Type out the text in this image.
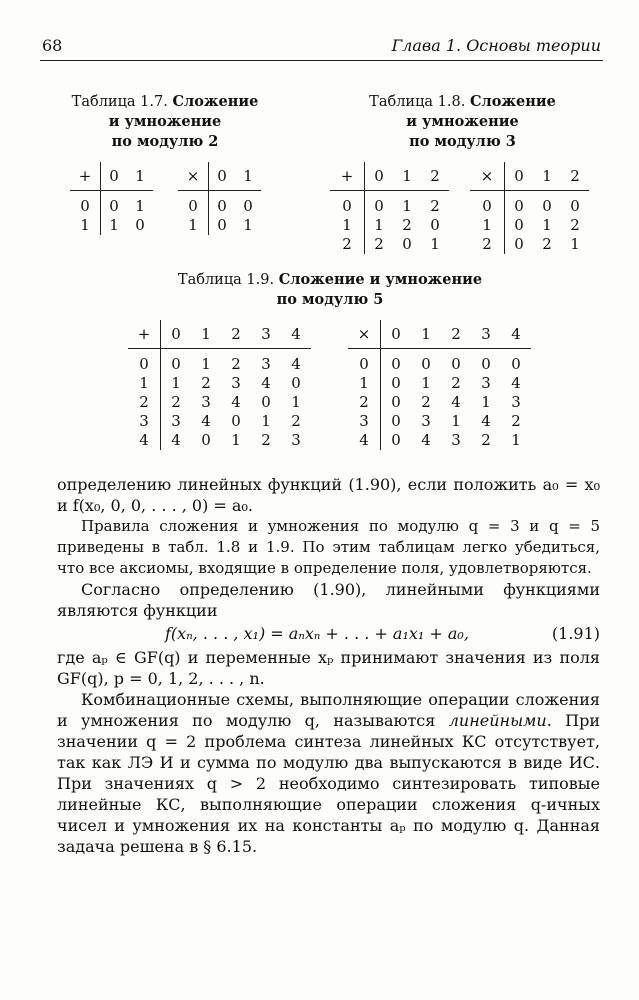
68	Глава 1. Основы теории
Таблица 1.7. Сложение
и умножение
по модулю 2
Таблица 1.8. Сложение
и умножение
по модулю 3
Таблица 1.9. Сложение и умножение
по модулю 5
+	0	1
0	0	1
1	1	0
×	0	1
0	0	0
1	0	1
+	0	1	2
0	0	1	2
1	1	2	0
2	2	0	1
×	0	1	2
0	0	0	0
1	0	1	2
2	0	2	1
+	0	1	2	3	4
0	0	1	2	3	4
1	1	2	3	4	0
2	2	3	4	0	1
3	3	4	0	1	2
4	4	0	1	2	3
×	0	1	2	3	4
0	0	0	0	0	0
1	0	1	2	3	4
2	0	2	4	1	3
3	0	3	1	4	2
4	0	4	3	2	1

определению линейных функций (1.90), если положить a₀ = x₀ и f(x₀, 0, 0, . . . , 0) = a₀.

Правила сложения и умножения по модулю q = 3 и q = 5 приведены в табл. 1.8 и 1.9. По этим таблицам легко убедиться, что все аксиомы, входящие в определение поля, удовлетворяются.

Согласно определению (1.90), линейными функциями являются функции

f(xₙ, . . . , x₁) = aₙxₙ + . . . + a₁x₁ + a₀,	(1.91)

где aₚ ∈ GF(q) и переменные xₚ принимают значения из поля GF(q), p = 0, 1, 2, . . . , n.

Комбинационные схемы, выполняющие операции сложения и умножения по модулю q, называются линейными. При значении q = 2 проблема синтеза линейных КС отсутствует, так как ЛЭ И и сумма по модулю два выпускаются в виде ИС. При значениях q > 2 необходимо синтезировать типовые линейные КС, выполняющие операции сложения q-ичных чисел и умножения их на константы aₚ по модулю q. Данная задача решена в § 6.15.
